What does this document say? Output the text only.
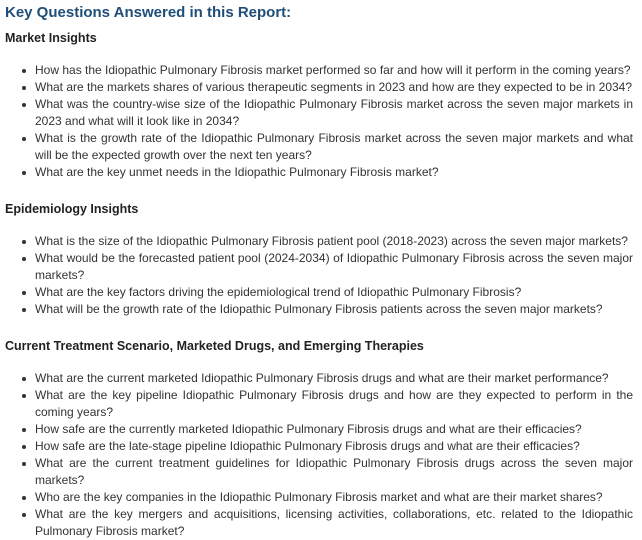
Key Questions Answered in this Report:
Market Insights
How has the Idiopathic Pulmonary Fibrosis market performed so far and how will it perform in the coming years?
What are the markets shares of various therapeutic segments in 2023 and how are they expected to be in 2034?
What was the country-wise size of the Idiopathic Pulmonary Fibrosis market across the seven major markets in 2023 and what will it look like in 2034?
What is the growth rate of the Idiopathic Pulmonary Fibrosis market across the seven major markets and what will be the expected growth over the next ten years?
What are the key unmet needs in the Idiopathic Pulmonary Fibrosis market?
Epidemiology Insights
What is the size of the Idiopathic Pulmonary Fibrosis patient pool (2018-2023) across the seven major markets?
What would be the forecasted patient pool (2024-2034) of Idiopathic Pulmonary Fibrosis across the seven major markets?
What are the key factors driving the epidemiological trend of Idiopathic Pulmonary Fibrosis?
What will be the growth rate of the Idiopathic Pulmonary Fibrosis patients across the seven major markets?
Current Treatment Scenario, Marketed Drugs, and Emerging Therapies
What are the current marketed Idiopathic Pulmonary Fibrosis drugs and what are their market performance?
What are the key pipeline Idiopathic Pulmonary Fibrosis drugs and how are they expected to perform in the coming years?
How safe are the currently marketed Idiopathic Pulmonary Fibrosis drugs and what are their efficacies?
How safe are the late-stage pipeline Idiopathic Pulmonary Fibrosis drugs and what are their efficacies?
What are the current treatment guidelines for Idiopathic Pulmonary Fibrosis drugs across the seven major markets?
Who are the key companies in the Idiopathic Pulmonary Fibrosis market and what are their market shares?
What are the key mergers and acquisitions, licensing activities, collaborations, etc. related to the Idiopathic Pulmonary Fibrosis market?
